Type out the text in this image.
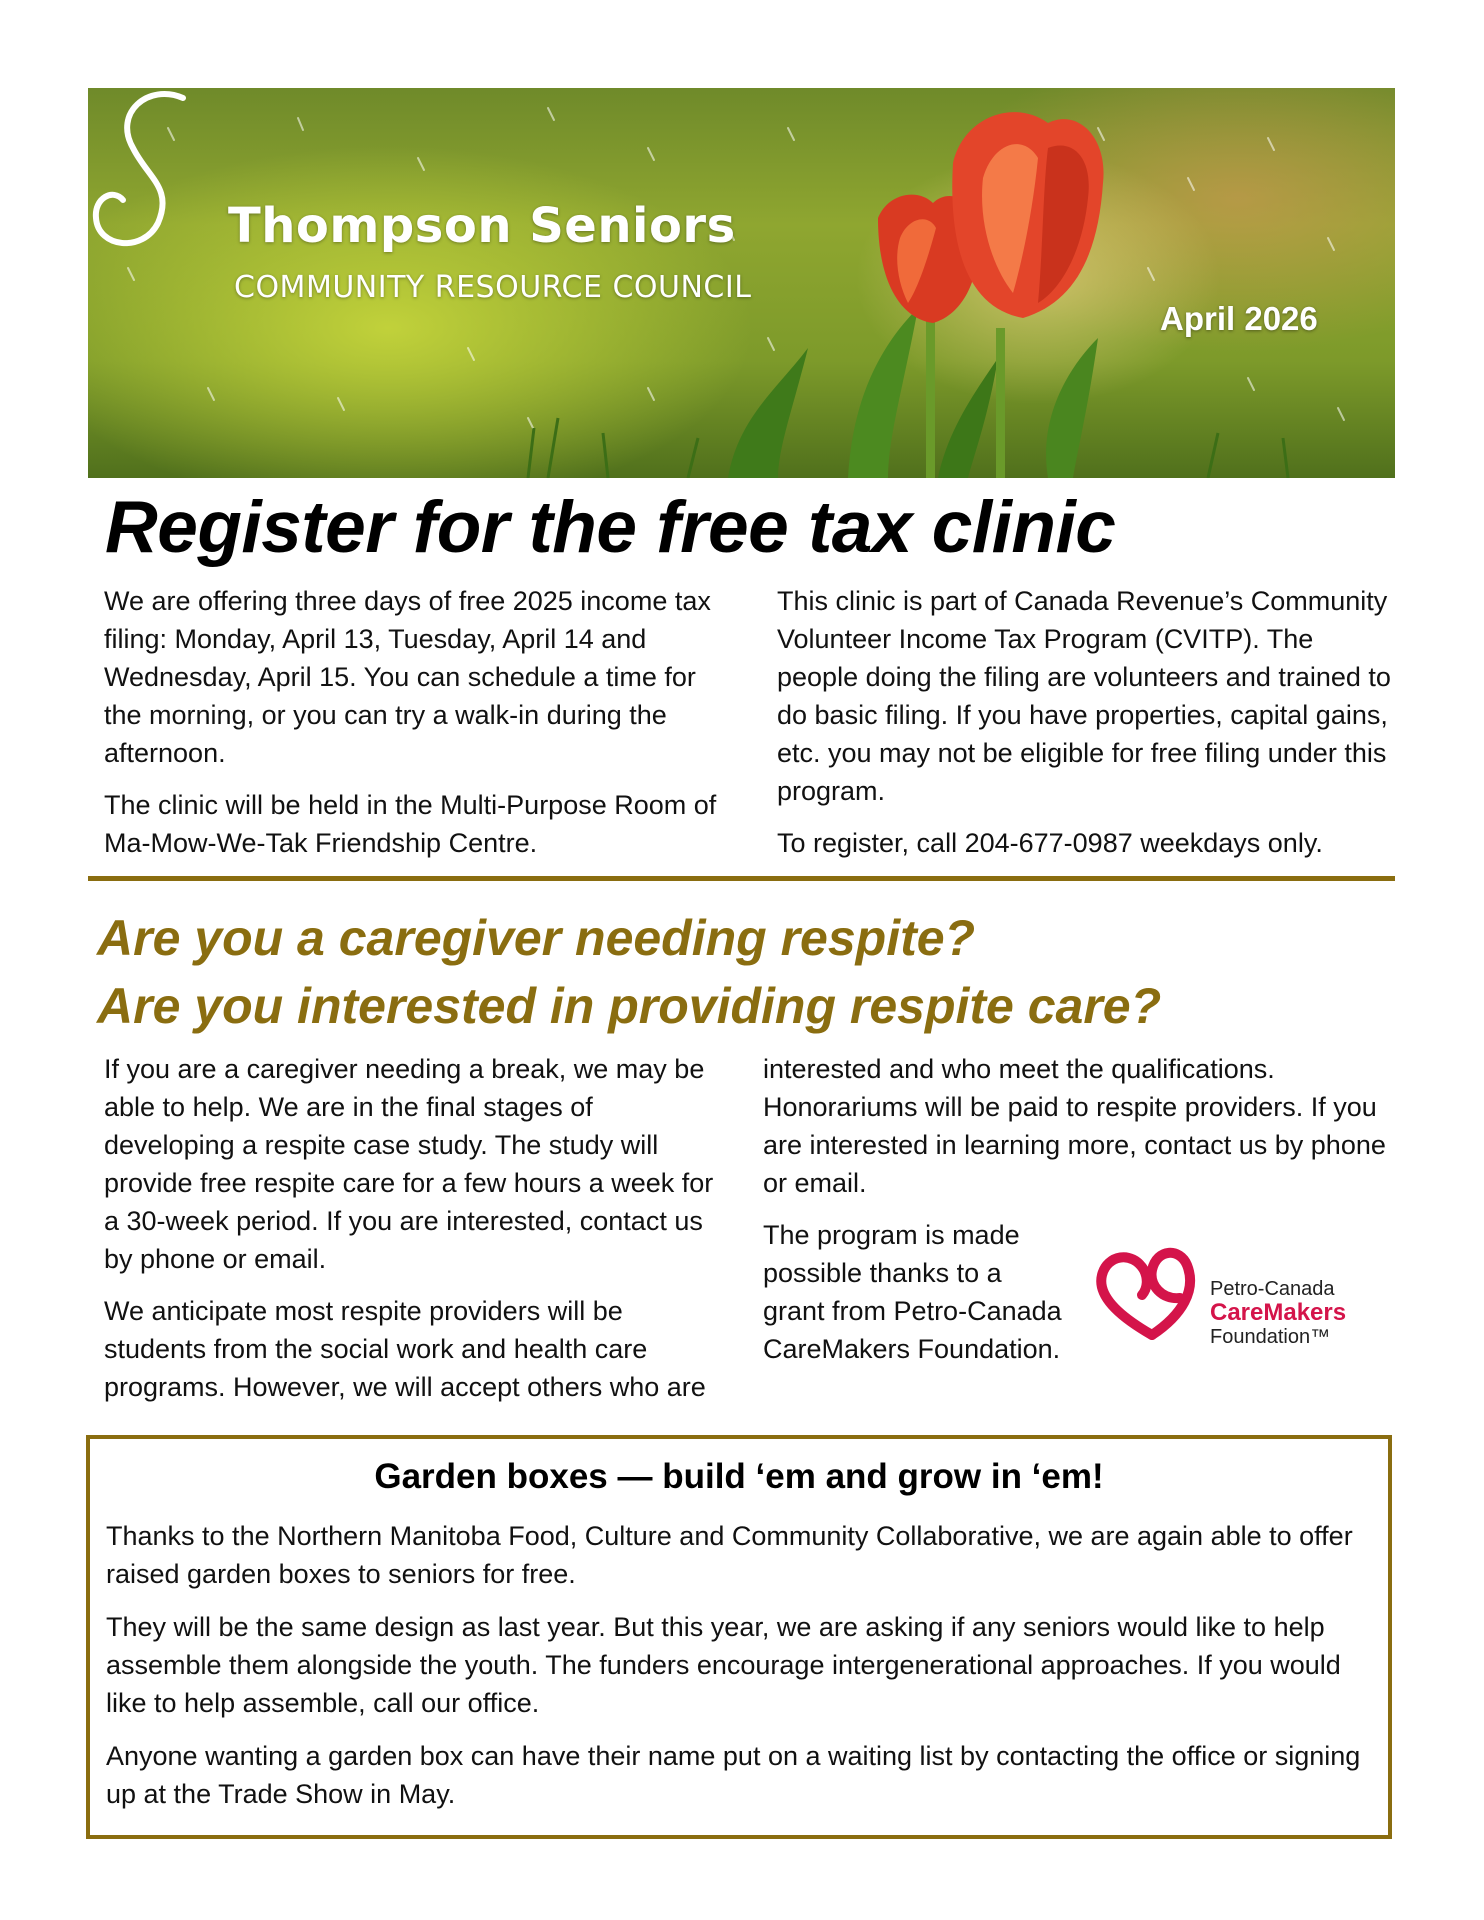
Thompson Seniors
COMMUNITY RESOURCE COUNCIL
April 2026
Register for the free tax clinic

We are offering three days of free 2025 income tax filing: Monday, April 13, Tuesday, April 14 and Wednesday, April 15. You can schedule a time for the morning, or you can try a walk-in during the afternoon.

The clinic will be held in the Multi-Purpose Room of Ma-Mow-We-Tak Friendship Centre.

This clinic is part of Canada Revenue’s Community Volunteer Income Tax Program (CVITP). The people doing the filing are volunteers and trained to do basic filing. If you have properties, capital gains, etc. you may not be eligible for free filing under this program.

To register, call 204-677-0987 weekdays only.

Are you a caregiver needing respite?
Are you interested in providing respite care?

If you are a caregiver needing a break, we may be able to help. We are in the final stages of developing a respite case study. The study will provide free respite care for a few hours a week for a 30-week period. If you are interested, contact us by phone or email.

We anticipate most respite providers will be students from the social work and health care programs. However, we will accept others who are

interested and who meet the qualifications. Honorariums will be paid to respite providers. If you are interested in learning more, contact us by phone or email.

The program is made possible thanks to a grant from Petro-Canada CareMakers Foundation.

Petro-Canada
CareMakers
Foundation™
Garden boxes — build ‘em and grow in ‘em!

Thanks to the Northern Manitoba Food, Culture and Community Collaborative, we are again able to offer raised garden boxes to seniors for free.

They will be the same design as last year. But this year, we are asking if any seniors would like to help assemble them alongside the youth. The funders encourage intergenerational approaches. If you would like to help assemble, call our office.

Anyone wanting a garden box can have their name put on a waiting list by contacting the office or signing up at the Trade Show in May.
